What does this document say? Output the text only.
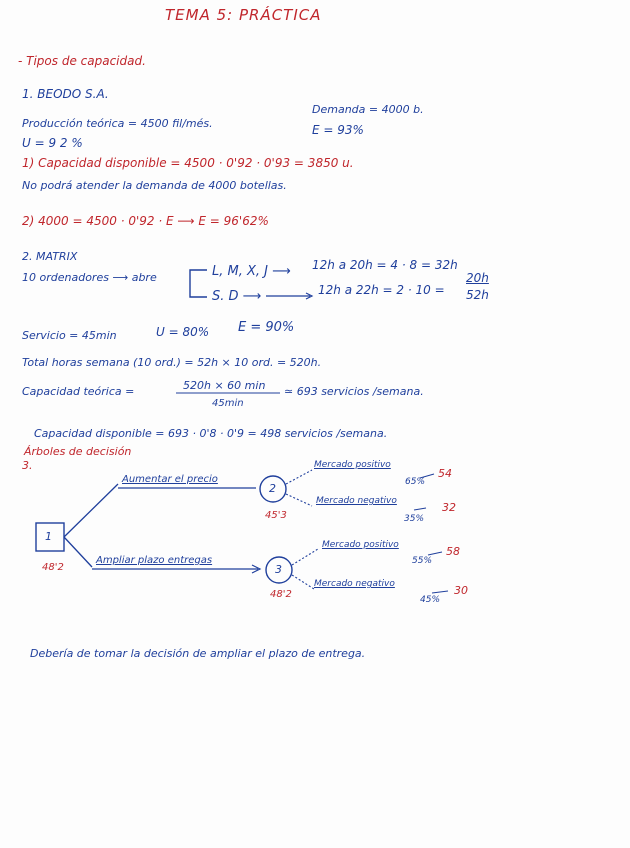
TEMA 5: PRÁCTICA
- Tipos de capacidad.
1. BEODO S.A.
Producción teórica = 4500 fil/més.
U = 9 2 %
Demanda = 4000 b.
E = 93%
1) Capacidad disponible = 4500 · 0'92 · 0'93 = 3850 u.
No podrá atender la demanda de 4000 botellas.
2) 4000 = 4500 · 0'92 · E ⟶ E = 96'62%
2. MATRIX
10 ordenadores ⟶ abre	L, M, X, J ⟶ 12h a 20h = 4 · 8 = 32h
S. D ⟶	12h a 22h = 2 · 10 =
20h
52h
Servicio = 45min	U = 80% E = 90%
Total horas semana (10 ord.) = 52h × 10 ord. = 520h.
Capacidad teórica =	520h × 60 min
45min
≃ 693 servicios /semana.
Capacidad disponible = 693 · 0'8 · 0'9 = 498 servicios /semana.
Árboles de decisión
3.
1
48'2
Aumentar el precio
Ampliar plazo entregas
2
45'3
3
48'2
Mercado positivo
65%
54
Mercado negativo
35%
32
Mercado positivo
55%
58
Mercado negativo
45%
30
Debería de tomar la decisión de ampliar el plazo de entrega.
